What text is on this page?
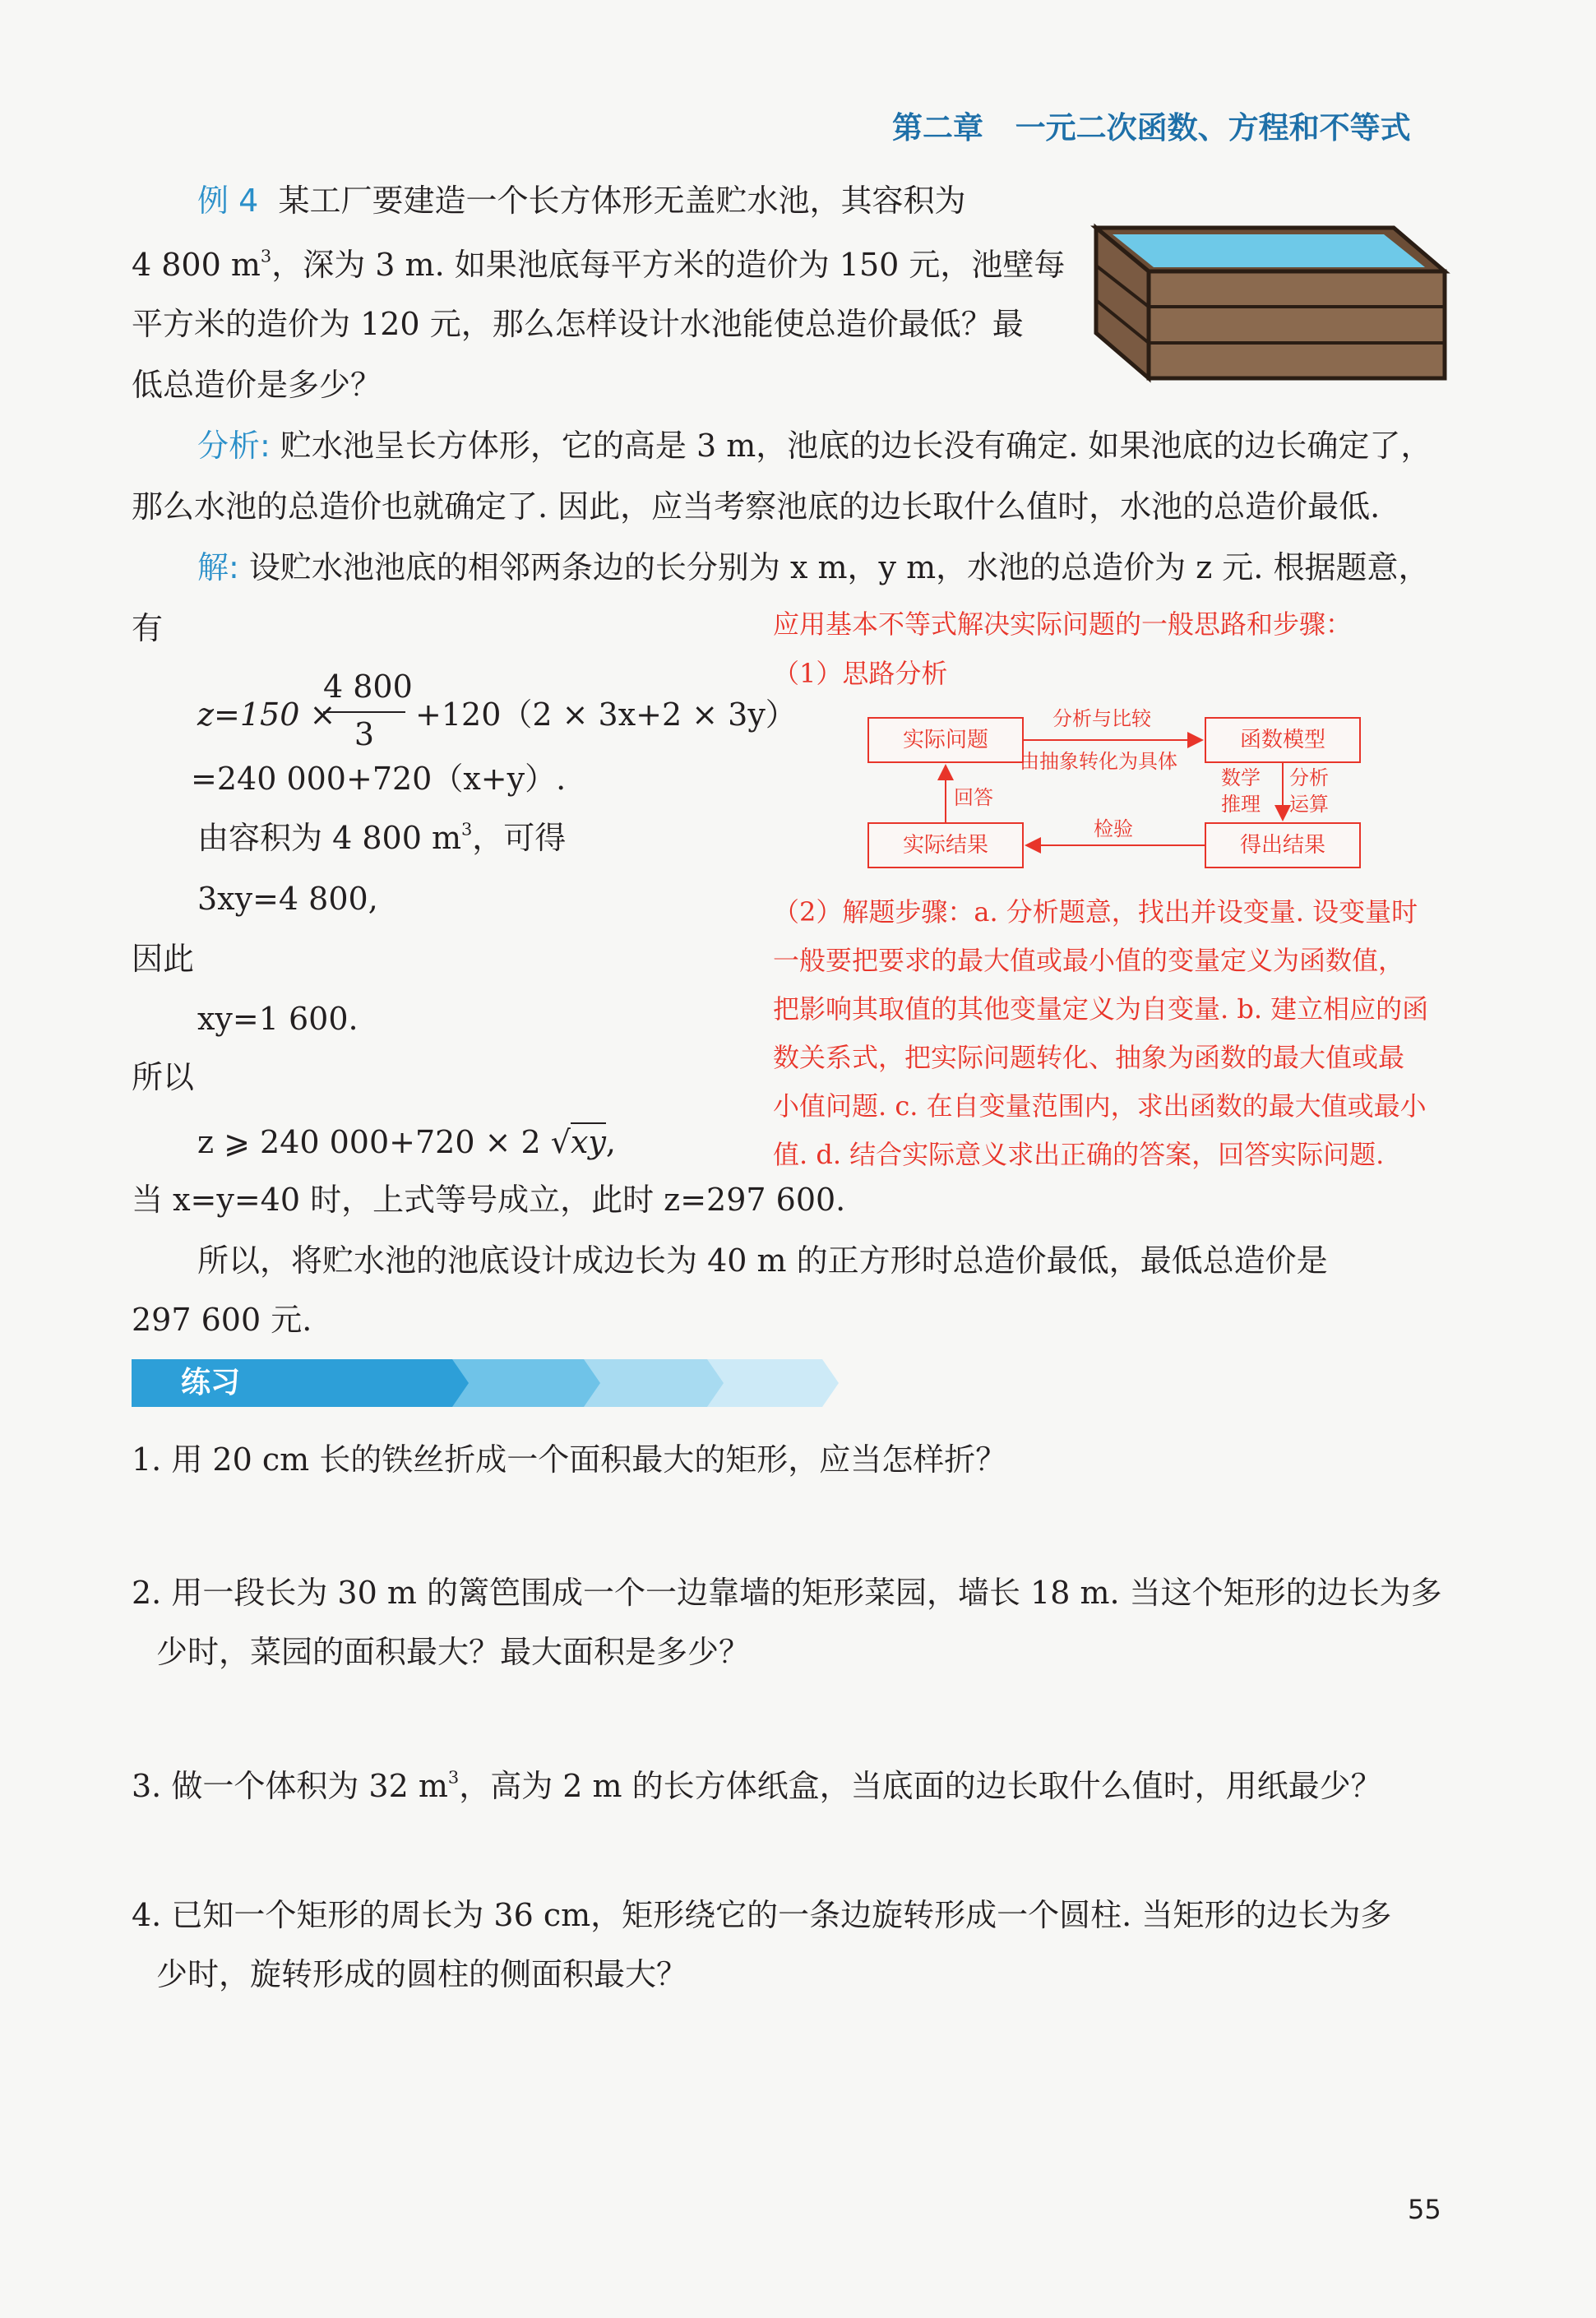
第二章 一元二次函数、方程和不等式
例 4 某工厂要建造一个长方体形无盖贮水池，其容积为
4 800 $m^3$，深为 3 m. 如果池底每平方米的造价为 150 元，池壁每
平方米的造价为 120 元，那么怎样设计水池能使总造价最低？最
低总造价是多少？
分析: 贮水池呈长方体形，它的高是 3 m，池底的边长没有确定. 如果池底的边长确定了，
那么水池的总造价也就确定了. 因此，应当考察池底的边长取什么值时，水池的总造价最低.
解: 设贮水池池底的相邻两条边的长分别为 x m，y m，水池的总造价为 z 元. 根据题意，
有
z=150 ×
4 800
3
+120（2 × 3x+2 × 3y）
=240 000+720（x+y）.
由容积为 4 800 $m^3$，可得
3xy=4 800,
因此
xy=1 600.
所以
z ⩾ 240 000+720 × 2 √xy,
当 x=y=40 时，上式等号成立，此时 z=297 600.
所以，将贮水池的池底设计成边长为 40 m 的正方形时总造价最低，最低总造价是
297 600 元.
应用基本不等式解决实际问题的一般思路和步骤：
（1）思路分析
实际问题	函数模型
实际结果	得出结果
分析与比较
由抽象转化为具体
数学
推理
分析
运算
检验
回答
（2）解题步骤：a. 分析题意，找出并设变量. 设变量时
一般要把要求的最大值或最小值的变量定义为函数值，
把影响其取值的其他变量定义为自变量. b. 建立相应的函
数关系式，把实际问题转化、抽象为函数的最大值或最
小值问题. c. 在自变量范围内，求出函数的最大值或最小
值. d. 结合实际意义求出正确的答案，回答实际问题.
练习
1. 用 20 cm 长的铁丝折成一个面积最大的矩形，应当怎样折？
2. 用一段长为 30 m 的篱笆围成一个一边靠墙的矩形菜园，墙长 18 m. 当这个矩形的边长为多
少时，菜园的面积最大？最大面积是多少？
3. 做一个体积为 32 $m^3$，高为 2 m 的长方体纸盒，当底面的边长取什么值时，用纸最少？
4. 已知一个矩形的周长为 36 cm，矩形绕它的一条边旋转形成一个圆柱. 当矩形的边长为多
少时，旋转形成的圆柱的侧面积最大？
55
